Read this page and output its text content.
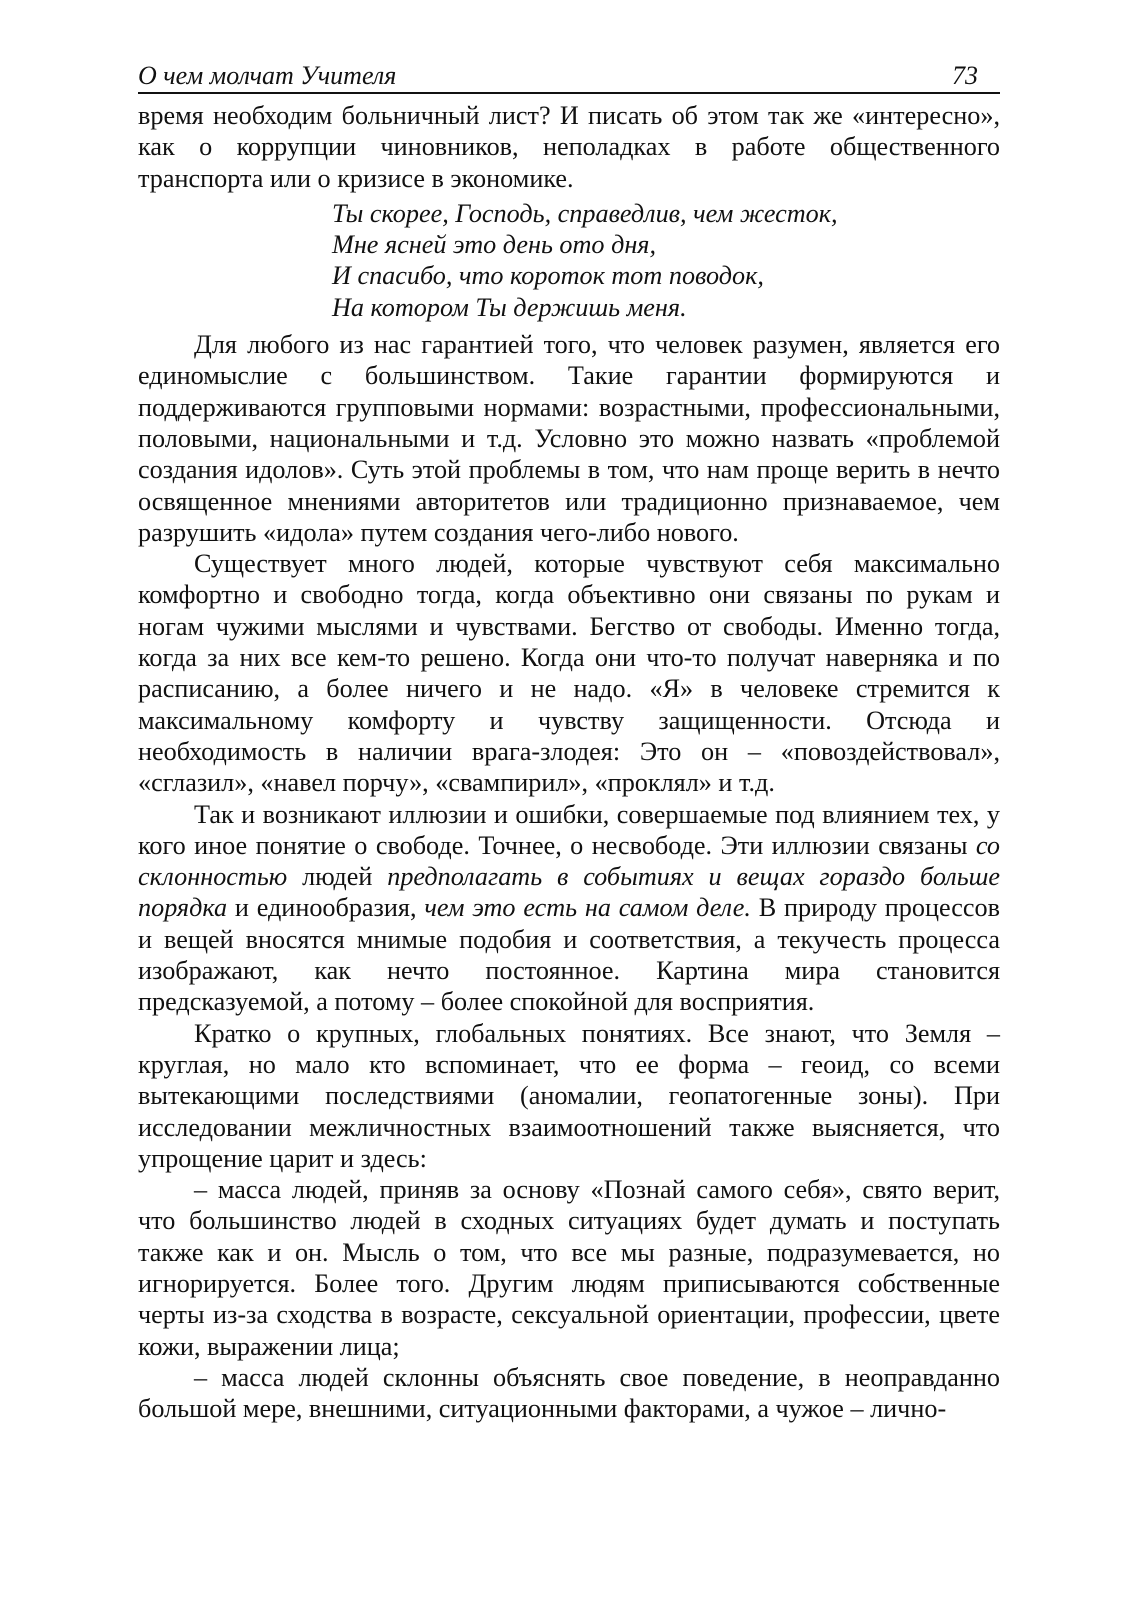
О чем молчат Учителя	73

время необходим больничный лист? И писать об этом так же «интересно», как о коррупции чиновников, неполадках в работе общественного транспорта или о кризисе в экономике.

Ты скорее, Господь, справедлив, чем жесток,
Мне ясней это день ото дня,
И спасибо, что короток тот поводок,
На котором Ты держишь меня.

Для любого из нас гарантией того, что человек разумен, является его единомыслие с большинством. Такие гарантии формируются и поддерживаются групповыми нормами: возрастными, профессиональными, половыми, национальными и т.д. Условно это можно назвать «проблемой создания идолов». Суть этой проблемы в том, что нам проще верить в нечто освященное мнениями авторитетов или традиционно признаваемое, чем разрушить «идола» путем создания чего-либо нового.

Существует много людей, которые чувствуют себя максимально комфортно и свободно тогда, когда объективно они связаны по рукам и ногам чужими мыслями и чувствами. Бегство от свободы. Именно тогда, когда за них все кем-то решено. Когда они что-то получат наверняка и по расписанию, а более ничего и не надо. «Я» в человеке стремится к максимальному комфорту и чувству защищенности. Отсюда и необходимость в наличии врага-злодея: Это он – «повоздействовал», «сглазил», «навел порчу», «свампирил», «проклял» и т.д.

Так и возникают иллюзии и ошибки, совершаемые под влиянием тех, у кого иное понятие о свободе. Точнее, о несвободе. Эти иллюзии связаны со склонностью людей предполагать в событиях и вещах гораздо больше порядка и единообразия, чем это есть на самом деле. В природу процессов и вещей вносятся мнимые подобия и соответствия, а текучесть процесса изображают, как нечто постоянное. Картина мира становится предсказуемой, а потому – более спокойной для восприятия.

Кратко о крупных, глобальных понятиях. Все знают, что Земля – круглая, но мало кто вспоминает, что ее форма – геоид, со всеми вытекающими последствиями (аномалии, геопатогенные зоны). При исследовании межличностных взаимоотношений также выясняется, что упрощение царит и здесь:

– масса людей, приняв за основу «Познай самого себя», свято верит, что большинство людей в сходных ситуациях будет думать и поступать также как и он. Мысль о том, что все мы разные, подразумевается, но игнорируется. Более того. Другим людям приписываются собственные черты из-за сходства в возрасте, сексуальной ориентации, профессии, цвете кожи, выражении лица;

– масса людей склонны объяснять свое поведение, в неоправданно большой мере, внешними, ситуационными факторами, а чужое – лично-
